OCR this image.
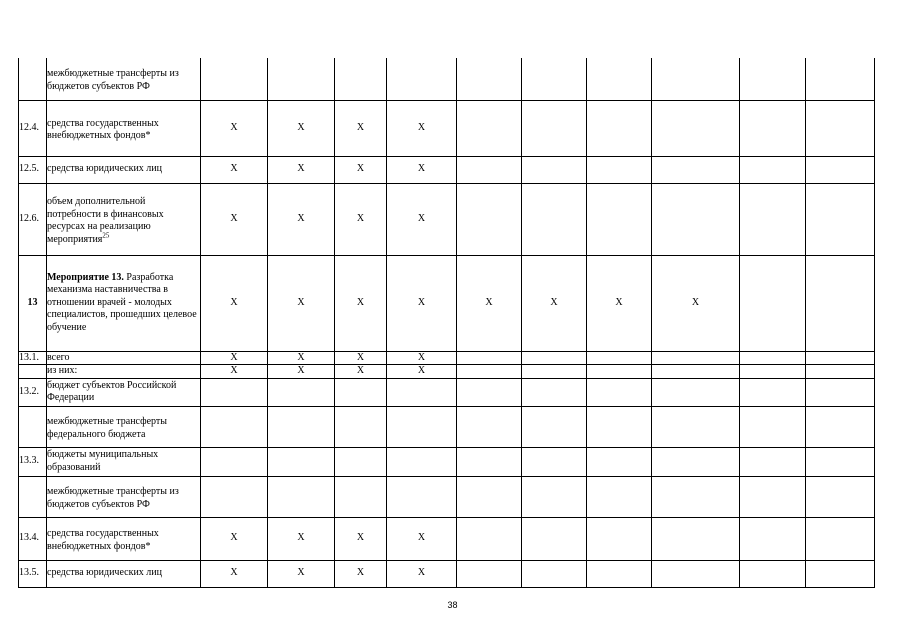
	межбюджетные трансферты из бюджетов субъектов РФ										
12.4.	средства государственных внебюджетных фондов*	X	X	X	X						
12.5.	средства юридических лиц	X	X	X	X						
12.6.	объем дополнительной потребности в финансовых ресурсах на реализацию мероприятия$^{25}$	X	X	X	X						
13	Мероприятие 13. Разработка механизма наставничества в отношении врачей - молодых специалистов, прошедших целевое обучение	X	X	X	X	X	X	X	X		
13.1.	всего	X	X	X	X						
	из них:	X	X	X	X						
13.2.	бюджет субъектов Российской Федерации										
	межбюджетные трансферты федерального бюджета										
13.3.	бюджеты муниципальных образований										
	межбюджетные трансферты из бюджетов субъектов РФ										
13.4.	средства государственных внебюджетных фондов*	X	X	X	X						
13.5.	средства юридических лиц	X	X	X	X						
38
